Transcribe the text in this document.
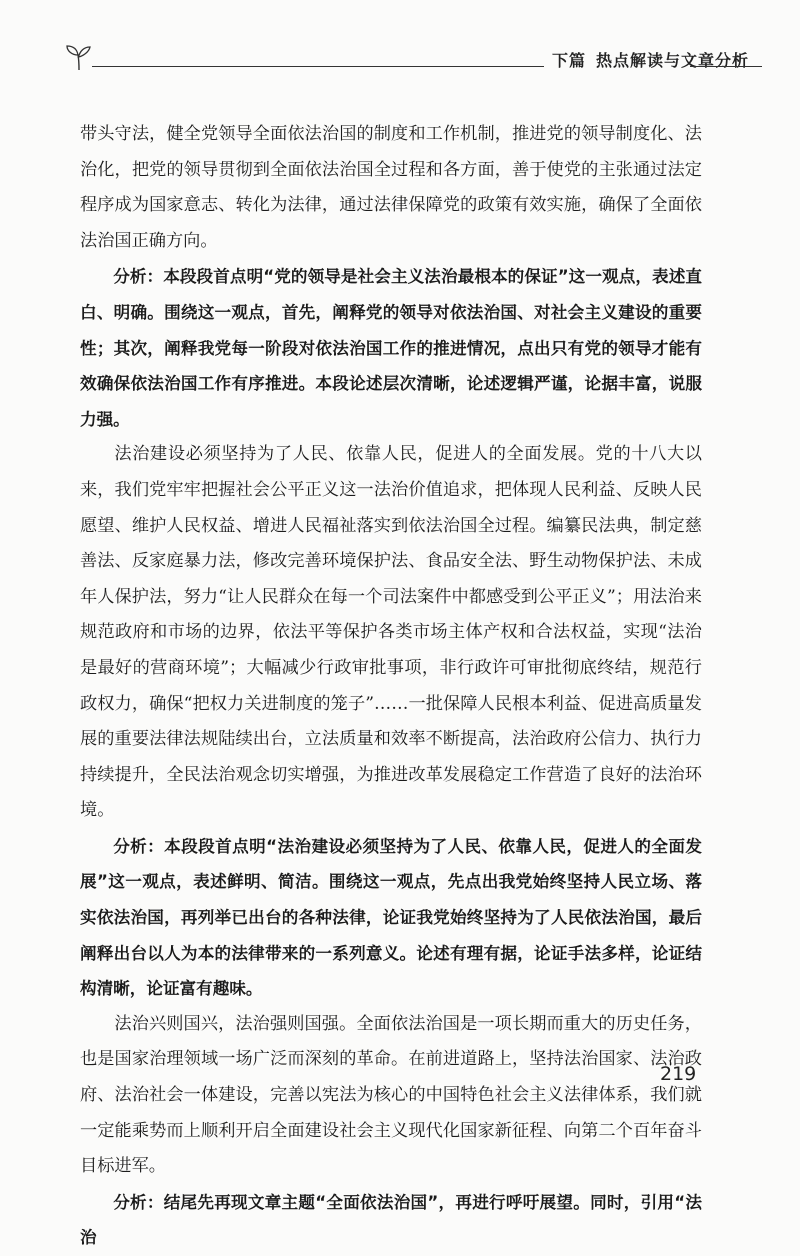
下篇 热点解读与文章分析

带头守法，健全党领导全面依法治国的制度和工作机制，推进党的领导制度化、法治化，把党的领导贯彻到全面依法治国全过程和各方面，善于使党的主张通过法定程序成为国家意志、转化为法律，通过法律保障党的政策有效实施，确保了全面依法治国正确方向。

分析：本段段首点明“党的领导是社会主义法治最根本的保证”这一观点，表述直白、明确。围绕这一观点，首先，阐释党的领导对依法治国、对社会主义建设的重要性；其次，阐释我党每一阶段对依法治国工作的推进情况，点出只有党的领导才能有效确保依法治国工作有序推进。本段论述层次清晰，论述逻辑严谨，论据丰富，说服力强。

法治建设必须坚持为了人民、依靠人民，促进人的全面发展。党的十八大以来，我们党牢牢把握社会公平正义这一法治价值追求，把体现人民利益、反映人民愿望、维护人民权益、增进人民福祉落实到依法治国全过程。编纂民法典，制定慈善法、反家庭暴力法，修改完善环境保护法、食品安全法、野生动物保护法、未成年人保护法，努力“让人民群众在每一个司法案件中都感受到公平正义”；用法治来规范政府和市场的边界，依法平等保护各类市场主体产权和合法权益，实现“法治是最好的营商环境”；大幅减少行政审批事项，非行政许可审批彻底终结，规范行政权力，确保“把权力关进制度的笼子”……一批保障人民根本利益、促进高质量发展的重要法律法规陆续出台，立法质量和效率不断提高，法治政府公信力、执行力持续提升，全民法治观念切实增强，为推进改革发展稳定工作营造了良好的法治环境。

分析：本段段首点明“法治建设必须坚持为了人民、依靠人民，促进人的全面发展”这一观点，表述鲜明、简洁。围绕这一观点，先点出我党始终坚持人民立场、落实依法治国，再列举已出台的各种法律，论证我党始终坚持为了人民依法治国，最后阐释出台以人为本的法律带来的一系列意义。论述有理有据，论证手法多样，论证结构清晰，论证富有趣味。

法治兴则国兴，法治强则国强。全面依法治国是一项长期而重大的历史任务，也是国家治理领域一场广泛而深刻的革命。在前进道路上，坚持法治国家、法治政府、法治社会一体建设，完善以宪法为核心的中国特色社会主义法律体系，我们就一定能乘势而上顺利开启全面建设社会主义现代化国家新征程、向第二个百年奋斗目标进军。

分析：结尾先再现文章主题“全面依法治国”，再进行呼吁展望。同时，引用“法治

219
